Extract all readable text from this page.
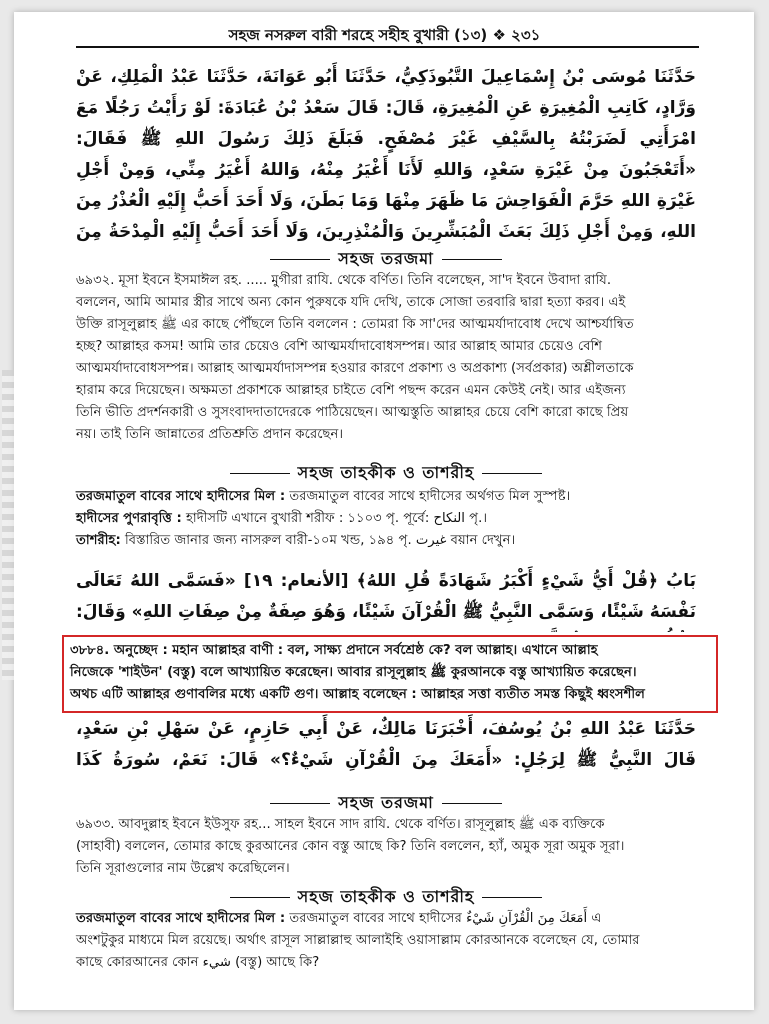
সহজ নসরুল বারী শরহে সহীহ বুখারী (১৩) ❖ ২৩১
حَدَّثَنَا مُوسَى بْنُ إِسْمَاعِيلَ التَّبُوذَكِيُّ، حَدَّثَنَا أَبُو عَوَانَةَ، حَدَّثَنَا عَبْدُ الْمَلِكِ، عَنْ وَرَّادٍ، كَاتِبِ الْمُغِيرَةِ عَنِ الْمُغِيرَةِ، قَالَ: قَالَ سَعْدُ بْنُ عُبَادَةَ: لَوْ رَأَيْتُ رَجُلًا مَعَ امْرَأَتِي لَضَرَبْتُهُ بِالسَّيْفِ غَيْرَ مُصْفَحٍ. فَبَلَغَ ذَلِكَ رَسُولَ اللهِ ﷺ فَقَالَ: «أَتَعْجَبُونَ مِنْ غَيْرَةِ سَعْدٍ، وَاللهِ لَأَنَا أَغْيَرُ مِنْهُ، وَاللهُ أَغْيَرُ مِنِّي، وَمِنْ أَجْلِ غَيْرَةِ اللهِ حَرَّمَ الْفَوَاحِشَ مَا ظَهَرَ مِنْهَا وَمَا بَطَنَ، وَلَا أَحَدَ أَحَبُّ إِلَيْهِ الْعُذْرُ مِنَ اللهِ، وَمِنْ أَجْلِ ذَلِكَ بَعَثَ الْمُبَشِّرِينَ وَالْمُنْذِرِينَ، وَلَا أَحَدَ أَحَبُّ إِلَيْهِ الْمِدْحَةُ مِنَ
সহজ তরজমা
৬৯৩২. মূসা ইবনে ইসমাঈল রহ. ..... মুগীরা রাযি. থেকে বর্ণিত। তিনি বলেছেন, সা'দ ইবনে উবাদা রাযি.
বললেন, আমি আমার স্ত্রীর সাথে অন্য কোন পুরুষকে যদি দেখি, তাকে সোজা তরবারি দ্বারা হত্যা করব। এই
উক্তি রাসূলুল্লাহ ﷺ এর কাছে পৌঁছলে তিনি বললেন : তোমরা কি সা'দের আত্মমর্যাদাবোধ দেখে আশ্চর্যান্বিত
হচ্ছ? আল্লাহর কসম! আমি তার চেয়েও বেশি আত্মমর্যাদাবোধসম্পন্ন। আর আল্লাহ আমার চেয়েও বেশি
আত্মমর্যাদাবোধসম্পন্ন। আল্লাহ আত্মমর্যাদাসম্পন্ন হওয়ার কারণে প্রকাশ্য ও অপ্রকাশ্য (সর্বপ্রকার) অশ্লীলতাকে
হারাম করে দিয়েছেন। অক্ষমতা প্রকাশকে আল্লাহর চাইতে বেশি পছন্দ করেন এমন কেউই নেই। আর এইজন্য
তিনি ভীতি প্রদর্শনকারী ও সুসংবাদদাতাদেরকে পাঠিয়েছেন। আত্মস্তুতি আল্লাহর চেয়ে বেশি কারো কাছে প্রিয়
নয়। তাই তিনি জান্নাতের প্রতিশ্রুতি প্রদান করেছেন।
সহজ তাহকীক ও তাশরীহ
তরজমাতুল বাবের সাথে হাদীসের মিল : তরজমাতুল বাবের সাথে হাদীসের অর্থগত মিল সুস্পষ্ট।
হাদীসের পুণরাবৃত্তি : হাদীসটি এখানে বুখারী শরীফ : ১১০৩ পৃ. পূর্বে: النكاح পৃ.।
তাশরীহ: বিস্তারিত জানার জন্য নাসরুল বারী-১০ম খন্ড, ১৯৪ পৃ. غيرت বয়ান দেখুন।
بَابُ ﴿قُلْ أَيُّ شَيْءٍ أَكْبَرُ شَهَادَةً قُلِ اللهُ﴾ [الأنعام: ١٩] «فَسَمَّى اللهُ تَعَالَى نَفْسَهُ شَيْئًا، وَسَمَّى النَّبِيُّ ﷺ الْقُرْآنَ شَيْئًا، وَهُوَ صِفَةٌ مِنْ صِفَاتِ اللهِ» وَقَالَ:
৩৮৮৪. অনুচ্ছেদ : মহান আল্লাহর বাণী : বল, সাক্ষ্য প্রদানে সর্বশ্রেষ্ঠ কে? বল আল্লাহ। এখানে আল্লাহ
নিজেকে 'শাইউন' (বস্তু) বলে আখ্যায়িত করেছেন। আবার রাসূলুল্লাহ ﷺ কুরআনকে বস্তু আখ্যায়িত করেছেন।
অথচ এটি আল্লাহর গুণাবলির মধ্যে একটি গুণ। আল্লাহ বলেছেন : আল্লাহর সত্তা ব্যতীত সমস্ত কিছুই ধ্বংসশীল
حَدَّثَنَا عَبْدُ اللهِ بْنُ يُوسُفَ، أَخْبَرَنَا مَالِكٌ، عَنْ أَبِي حَازِمٍ، عَنْ سَهْلِ بْنِ سَعْدٍ، قَالَ النَّبِيُّ ﷺ لِرَجُلٍ: «أَمَعَكَ مِنَ الْقُرْآنِ شَيْءٌ؟» قَالَ: نَعَمْ، سُورَةُ كَذَا
সহজ তরজমা
৬৯৩৩. আবদুল্লাহ ইবনে ইউসুফ রহ... সাহল ইবনে সাদ রাযি. থেকে বর্ণিত। রাসূলুল্লাহ ﷺ এক ব্যক্তিকে
(সাহাবী) বললেন, তোমার কাছে কুরআনের কোন বস্তু আছে কি? তিনি বললেন, হ্যাঁ, অমুক সূরা অমুক সূরা।
তিনি সূরাগুলোর নাম উল্লেখ করেছিলেন।
সহজ তাহকীক ও তাশরীহ
তরজমাতুল বাবের সাথে হাদীসের মিল : তরজমাতুল বাবের সাথে হাদীসের أَمَعَكَ مِنَ الْقُرْآنِ شَيْءٌ এ
অংশটুকুর মাধ্যমে মিল রয়েছে। অর্থাৎ রাসূল সাল্লাল্লাহু আলাইহি ওয়াসাল্লাম কোরআনকে বলেছেন যে, তোমার
কাছে কোরআনের কোন شيء (বস্তু) আছে কি?
